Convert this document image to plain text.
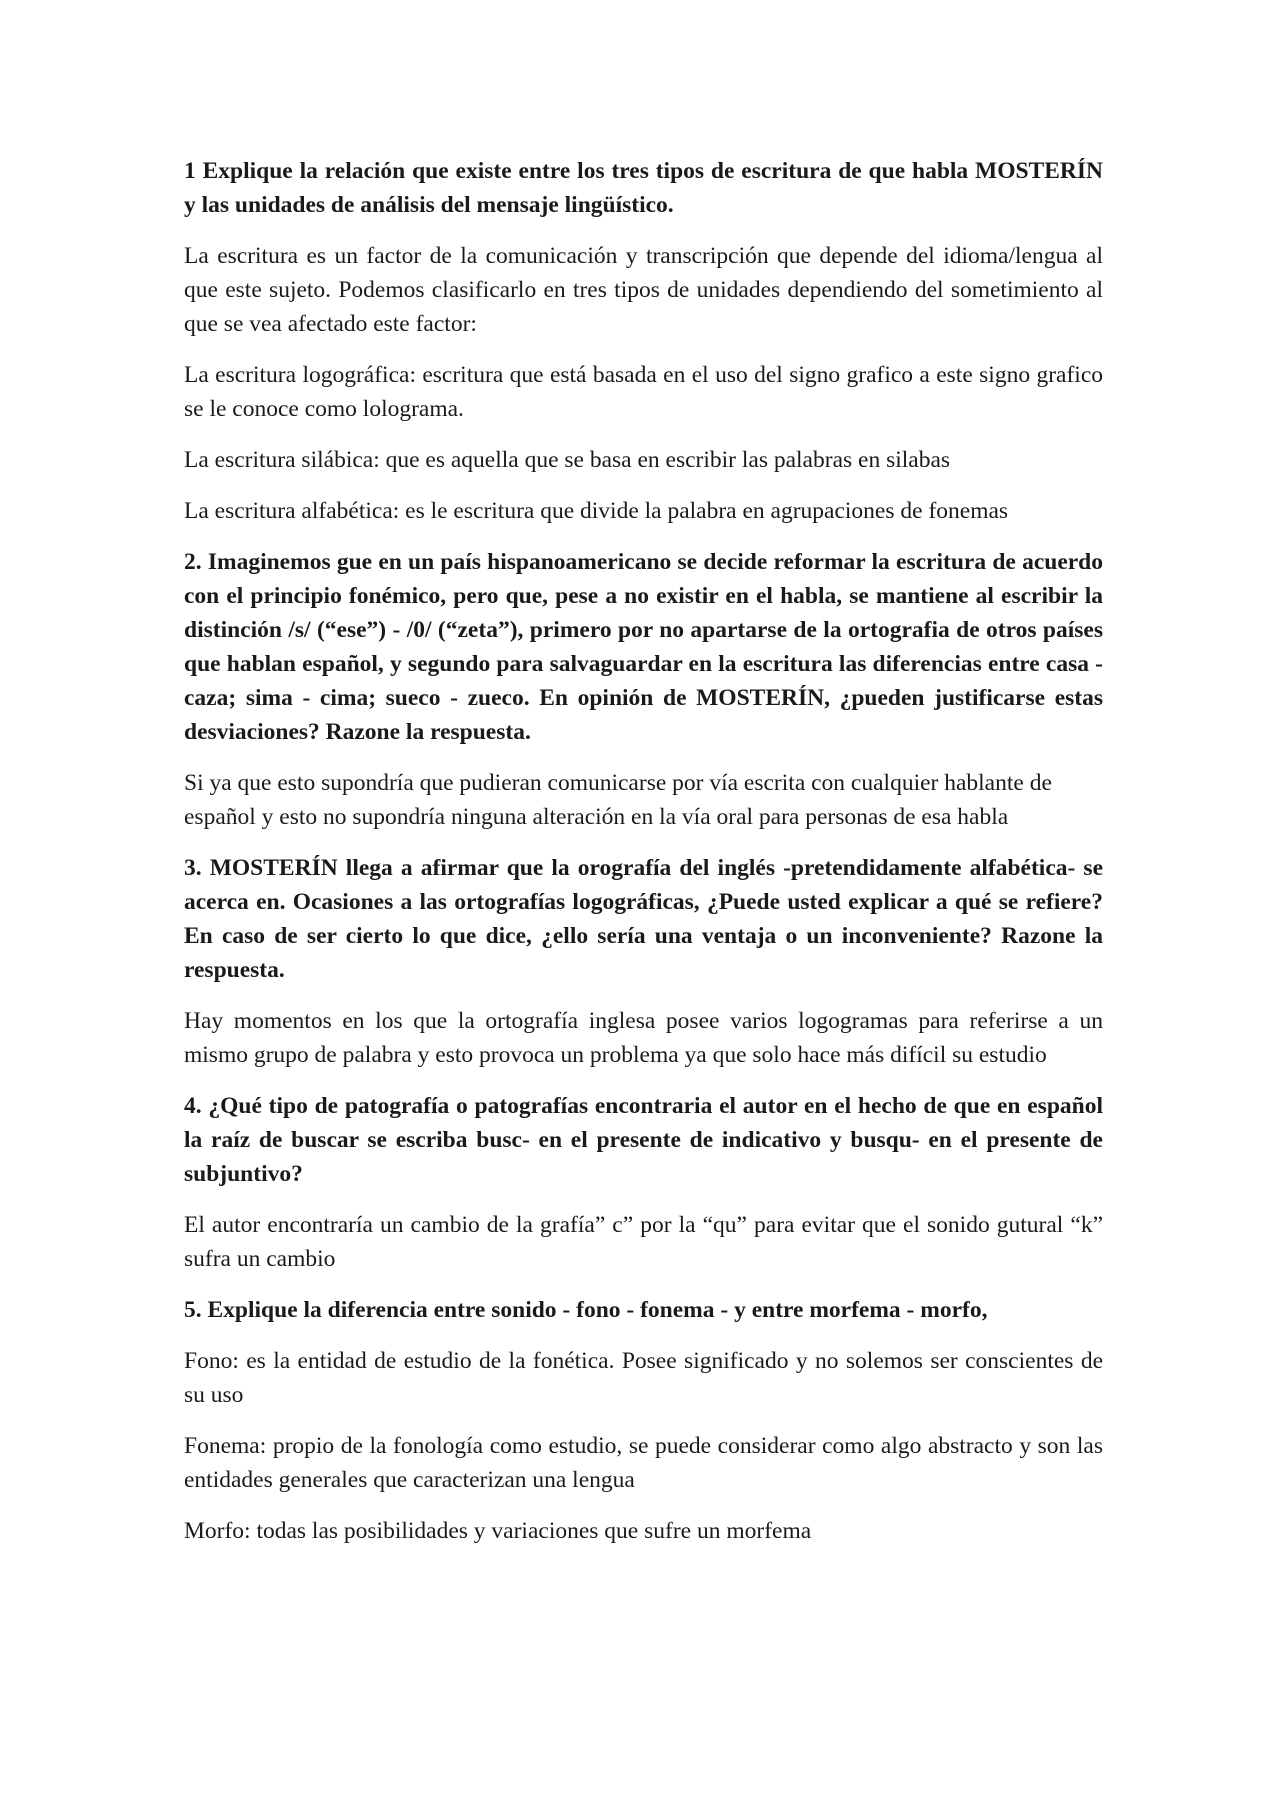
1 Explique la relación que existe entre los tres tipos de escritura de que habla MOSTERÍN y las unidades de análisis del mensaje lingüístico.

La escritura es un factor de la comunicación y transcripción que depende del idioma/lengua al que este sujeto. Podemos clasificarlo en tres tipos de unidades dependiendo del sometimiento al que se vea afectado este factor:

La escritura logográfica: escritura que está basada en el uso del signo grafico a este signo grafico se le conoce como lolograma.

La escritura silábica: que es aquella que se basa en escribir las palabras en silabas

La escritura alfabética: es le escritura que divide la palabra en agrupaciones de fonemas

2. Imaginemos gue en un país hispanoamericano se decide reformar la escritura de acuerdo con el principio fonémico, pero que, pese a no existir en el habla, se mantiene al escribir la distinción /s/ (“ese”) - /0/ (“zeta”), primero por no apartarse de la ortografia de otros países que hablan español, y segundo para salvaguardar en la escritura las diferencias entre casa - caza; sima - cima; sueco - zueco. En opinión de MOSTERÍN, ¿pueden justificarse estas desviaciones? Razone la respuesta.

Si ya que esto supondría que pudieran comunicarse por vía escrita con cualquier hablante de español y esto no supondría ninguna alteración en la vía oral para personas de esa habla

3. MOSTERÍN llega a afirmar que la orografía del inglés -pretendidamente alfabética- se acerca en. Ocasiones a las ortografías logográficas, ¿Puede usted explicar a qué se refiere? En caso de ser cierto lo que dice, ¿ello sería una ventaja o un inconveniente? Razone la respuesta.

Hay momentos en los que la ortografía inglesa posee varios logogramas para referirse a un mismo grupo de palabra y esto provoca un problema ya que solo hace más difícil su estudio

4. ¿Qué tipo de patografía o patografías encontraria el autor en el hecho de que en español la raíz de buscar se escriba busc- en el presente de indicativo y busqu- en el presente de subjuntivo?

El autor encontraría un cambio de la grafía” c” por la “qu” para evitar que el sonido gutural “k” sufra un cambio

5. Explique la diferencia entre sonido - fono - fonema - y entre morfema - morfo,

Fono: es la entidad de estudio de la fonética. Posee significado y no solemos ser conscientes de su uso

Fonema: propio de la fonología como estudio, se puede considerar como algo abstracto y son las entidades generales que caracterizan una lengua

Morfo: todas las posibilidades y variaciones que sufre un morfema
